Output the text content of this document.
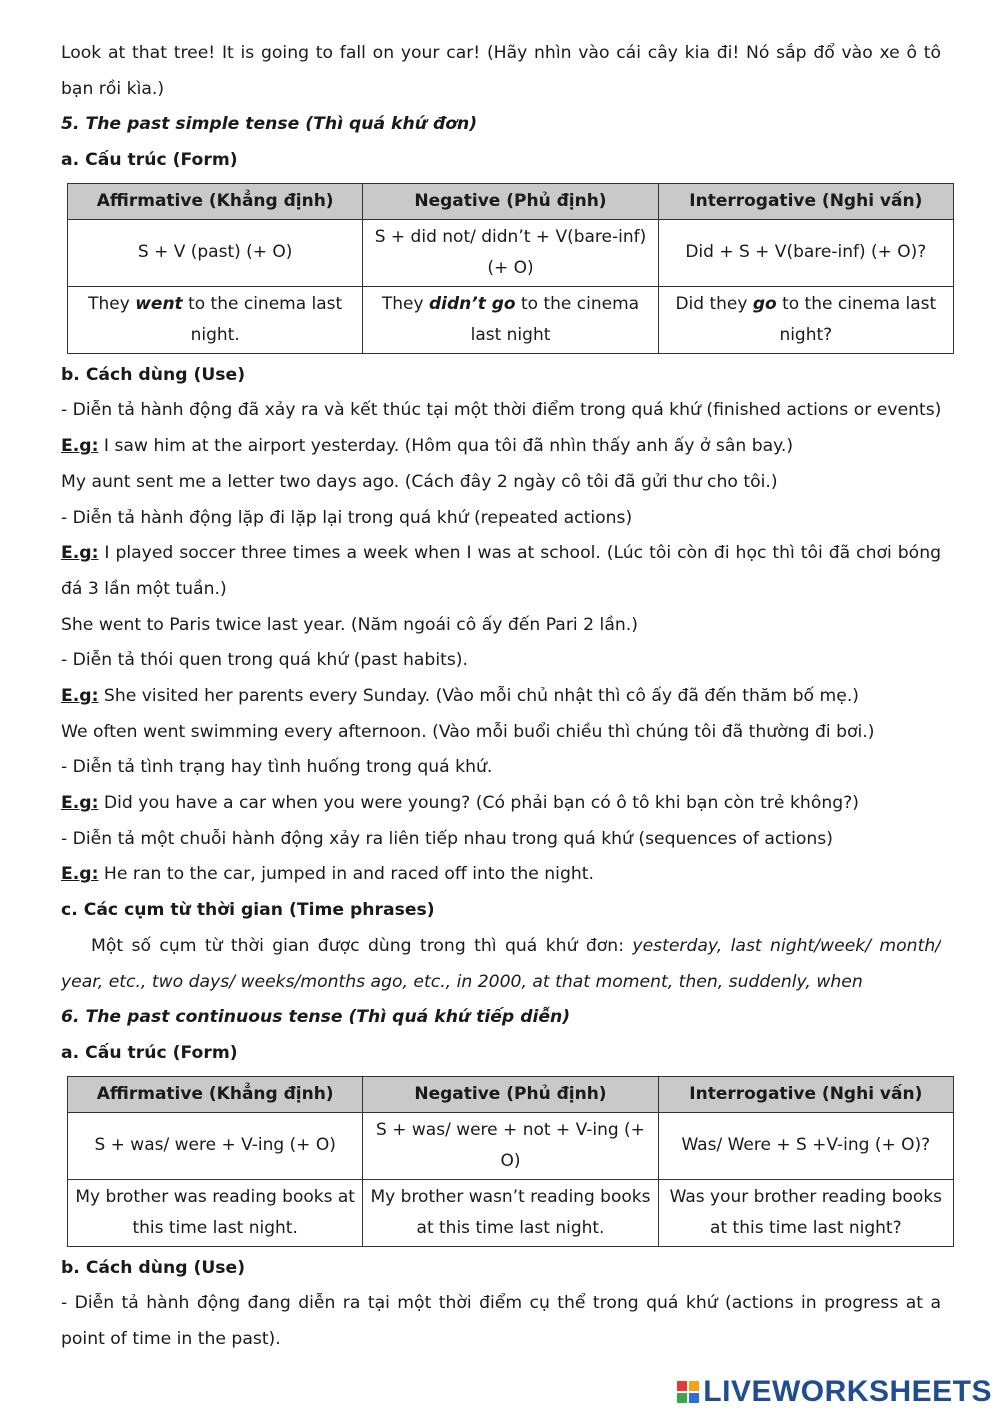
Look at that tree! It is going to fall on your car! (Hãy nhìn vào cái cây kia đi! Nó sắp đổ vào xe ô tô bạn rồi kìa.)
5. The past simple tense (Thì quá khứ đơn)
a. Cấu trúc (Form)
Affirmative (Khẳng định)	Negative (Phủ định)	Interrogative (Nghi vấn)
S + V (past) (+ O)	S + did not/ didn’t + V(bare-inf) (+ O)	Did + S + V(bare-inf) (+ O)?
They went to the cinema last night.	They didn’t go to the cinema last night	Did they go to the cinema last night?
b. Cách dùng (Use)
- Diễn tả hành động đã xảy ra và kết thúc tại một thời điểm trong quá khứ (finished actions or events)
E.g: I saw him at the airport yesterday. (Hôm qua tôi đã nhìn thấy anh ấy ở sân bay.)
My aunt sent me a letter two days ago. (Cách đây 2 ngày cô tôi đã gửi thư cho tôi.)
- Diễn tả hành động lặp đi lặp lại trong quá khứ (repeated actions)
E.g: I played soccer three times a week when I was at school. (Lúc tôi còn đi học thì tôi đã chơi bóng đá 3 lần một tuần.)
She went to Paris twice last year. (Năm ngoái cô ấy đến Pari 2 lần.)
- Diễn tả thói quen trong quá khứ (past habits).
E.g: She visited her parents every Sunday. (Vào mỗi chủ nhật thì cô ấy đã đến thăm bố mẹ.)
We often went swimming every afternoon. (Vào mỗi buổi chiều thì chúng tôi đã thường đi bơi.)
- Diễn tả tình trạng hay tình huống trong quá khứ.
E.g: Did you have a car when you were young? (Có phải bạn có ô tô khi bạn còn trẻ không?)
- Diễn tả một chuỗi hành động xảy ra liên tiếp nhau trong quá khứ (sequences of actions)
E.g: He ran to the car, jumped in and raced off into the night.
c. Các cụm từ thời gian (Time phrases)
Một số cụm từ thời gian được dùng trong thì quá khứ đơn: yesterday, last night/week/ month/ year, etc., two days/ weeks/months ago, etc., in 2000, at that moment, then, suddenly, when
6. The past continuous tense (Thì quá khứ tiếp diễn)
a. Cấu trúc (Form)
Affirmative (Khẳng định)	Negative (Phủ định)	Interrogative (Nghi vấn)
S + was/ were + V-ing (+ O)	S + was/ were + not + V-ing (+ O)	Was/ Were + S +V-ing (+ O)?
My brother was reading books at this time last night.	My brother wasn’t reading books at this time last night.	Was your brother reading books at this time last night?
b. Cách dùng (Use)
- Diễn tả hành động đang diễn ra tại một thời điểm cụ thể trong quá khứ (actions in progress at a point of time in the past).
LIVEWORKSHEETS
